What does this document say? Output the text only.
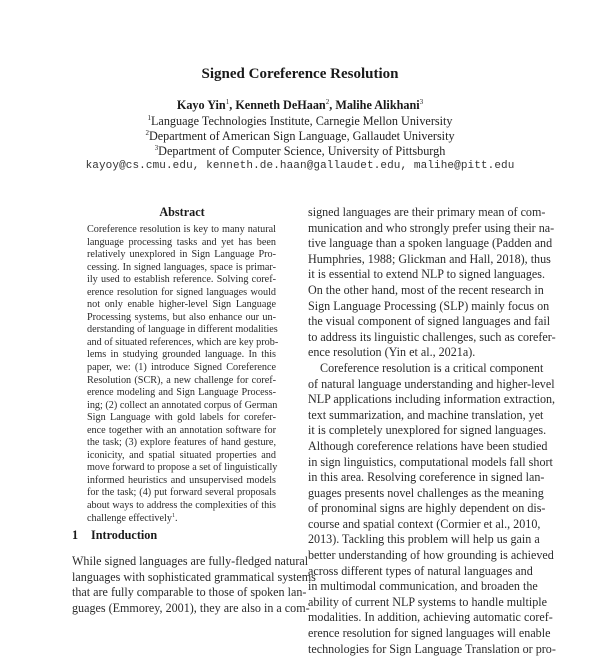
Signed Coreference Resolution
Kayo Yin$^1$, Kenneth DeHaan$^2$, Malihe Alikhani$^3$
$^1$Language Technologies Institute, Carnegie Mellon University
$^2$Department of American Sign Language, Gallaudet University
$^3$Department of Computer Science, University of Pittsburgh
kayoy@cs.cmu.edu, kenneth.de.haan@gallaudet.edu, malihe@pitt.edu
Abstract
Coreference resolution is key to many natural
language processing tasks and yet has been
relatively unexplored in Sign Language Pro-
cessing. In signed languages, space is primar-
ily used to establish reference. Solving coref-
erence resolution for signed languages would
not only enable higher-level Sign Language
Processing systems, but also enhance our un-
derstanding of language in different modalities
and of situated references, which are key prob-
lems in studying grounded language. In this
paper, we: (1) introduce Signed Coreference
Resolution (SCR), a new challenge for coref-
erence modeling and Sign Language Process-
ing; (2) collect an annotated corpus of German
Sign Language with gold labels for corefer-
ence together with an annotation software for
the task; (3) explore features of hand gesture,
iconicity, and spatial situated properties and
move forward to propose a set of linguistically
informed heuristics and unsupervised models
for the task; (4) put forward several proposals
about ways to address the complexities of this
challenge effectively$^1$.
1 Introduction
While signed languages are fully-fledged natural
languages with sophisticated grammatical systems
that are fully comparable to those of spoken lan-
guages (Emmorey, 2001), they are also in a com-
signed languages are their primary mean of com-
munication and who strongly prefer using their na-
tive language than a spoken language (Padden and
Humphries, 1988; Glickman and Hall, 2018), thus
it is essential to extend NLP to signed languages.
On the other hand, most of the recent research in
Sign Language Processing (SLP) mainly focus on
the visual component of signed languages and fail
to address its linguistic challenges, such as corefer-
ence resolution (Yin et al., 2021a).
Coreference resolution is a critical component
of natural language understanding and higher-level
NLP applications including information extraction,
text summarization, and machine translation, yet
it is completely unexplored for signed languages.
Although coreference relations have been studied
in sign linguistics, computational models fall short
in this area. Resolving coreference in signed lan-
guages presents novel challenges as the meaning
of pronominal signs are highly dependent on dis-
course and spatial context (Cormier et al., 2010,
2013). Tackling this problem will help us gain a
better understanding of how grounding is achieved
across different types of natural languages and
in multimodal communication, and broaden the
ability of current NLP systems to handle multiple
modalities. In addition, achieving automatic coref-
erence resolution for signed languages will enable
technologies for Sign Language Translation or pro-
